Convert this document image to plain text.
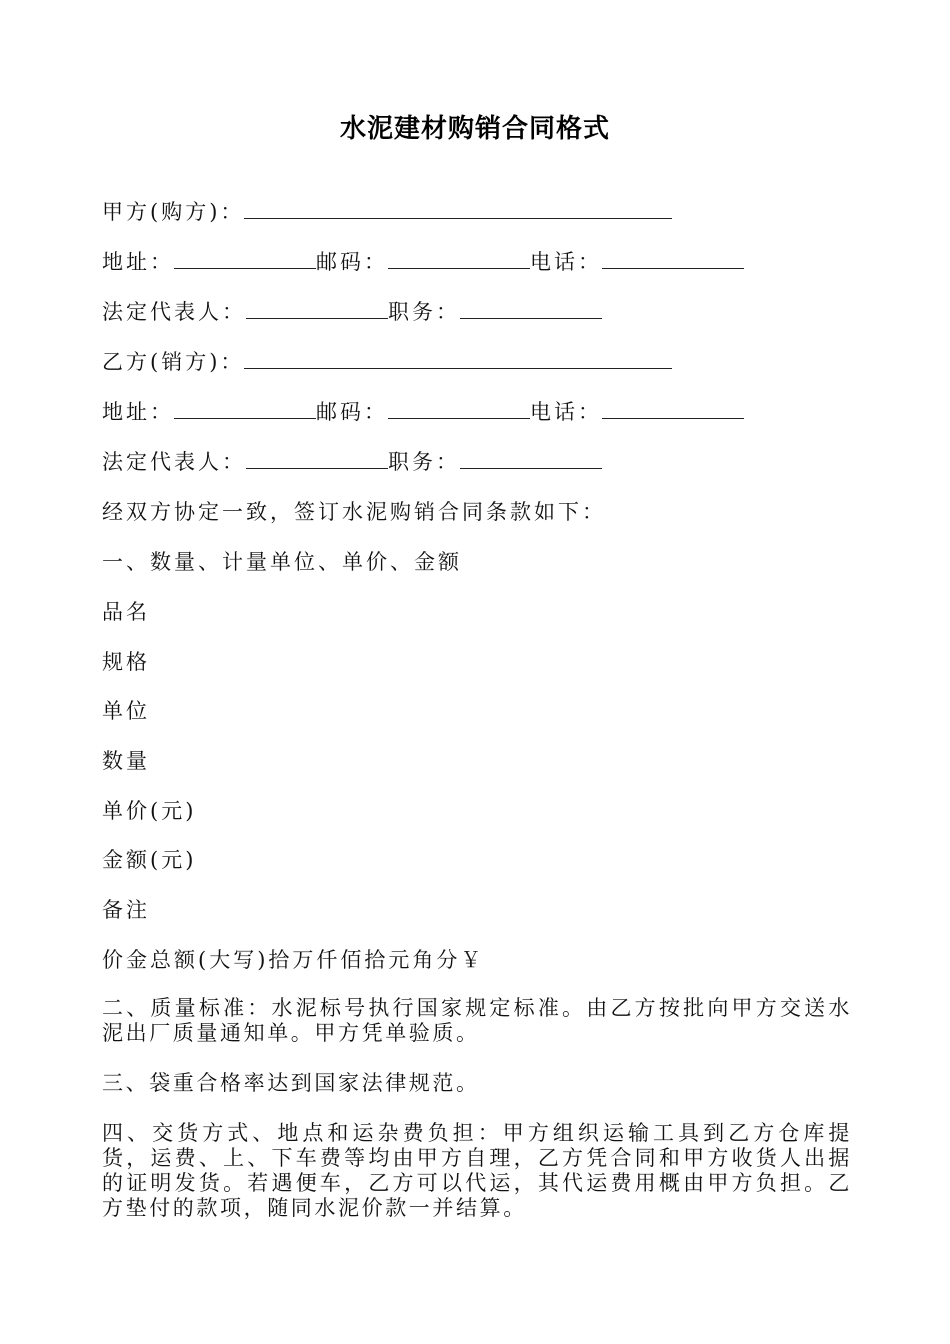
水泥建材购销合同格式
甲方(购方)：
地址：	邮码：	电话：
法定代表人：	职务：
乙方(销方)：
地址：	邮码：	电话：
法定代表人：	职务：
经双方协定一致，签订水泥购销合同条款如下：
一、数量、计量单位、单价、金额
品名
规格
单位
数量
单价(元)
金额(元)
备注
价金总额(大写)拾万仟佰拾元角分￥
二、质量标准：水泥标号执行国家规定标准。由乙方按批向甲方交送水泥出厂质量通知单。甲方凭单验质。
三、袋重合格率达到国家法律规范。
四、交货方式、地点和运杂费负担：甲方组织运输工具到乙方仓库提货，运费、上、下车费等均由甲方自理，乙方凭合同和甲方收货人出据的证明发货。若遇便车，乙方可以代运，其代运费用概由甲方负担。乙方垫付的款项，随同水泥价款一并结算。
